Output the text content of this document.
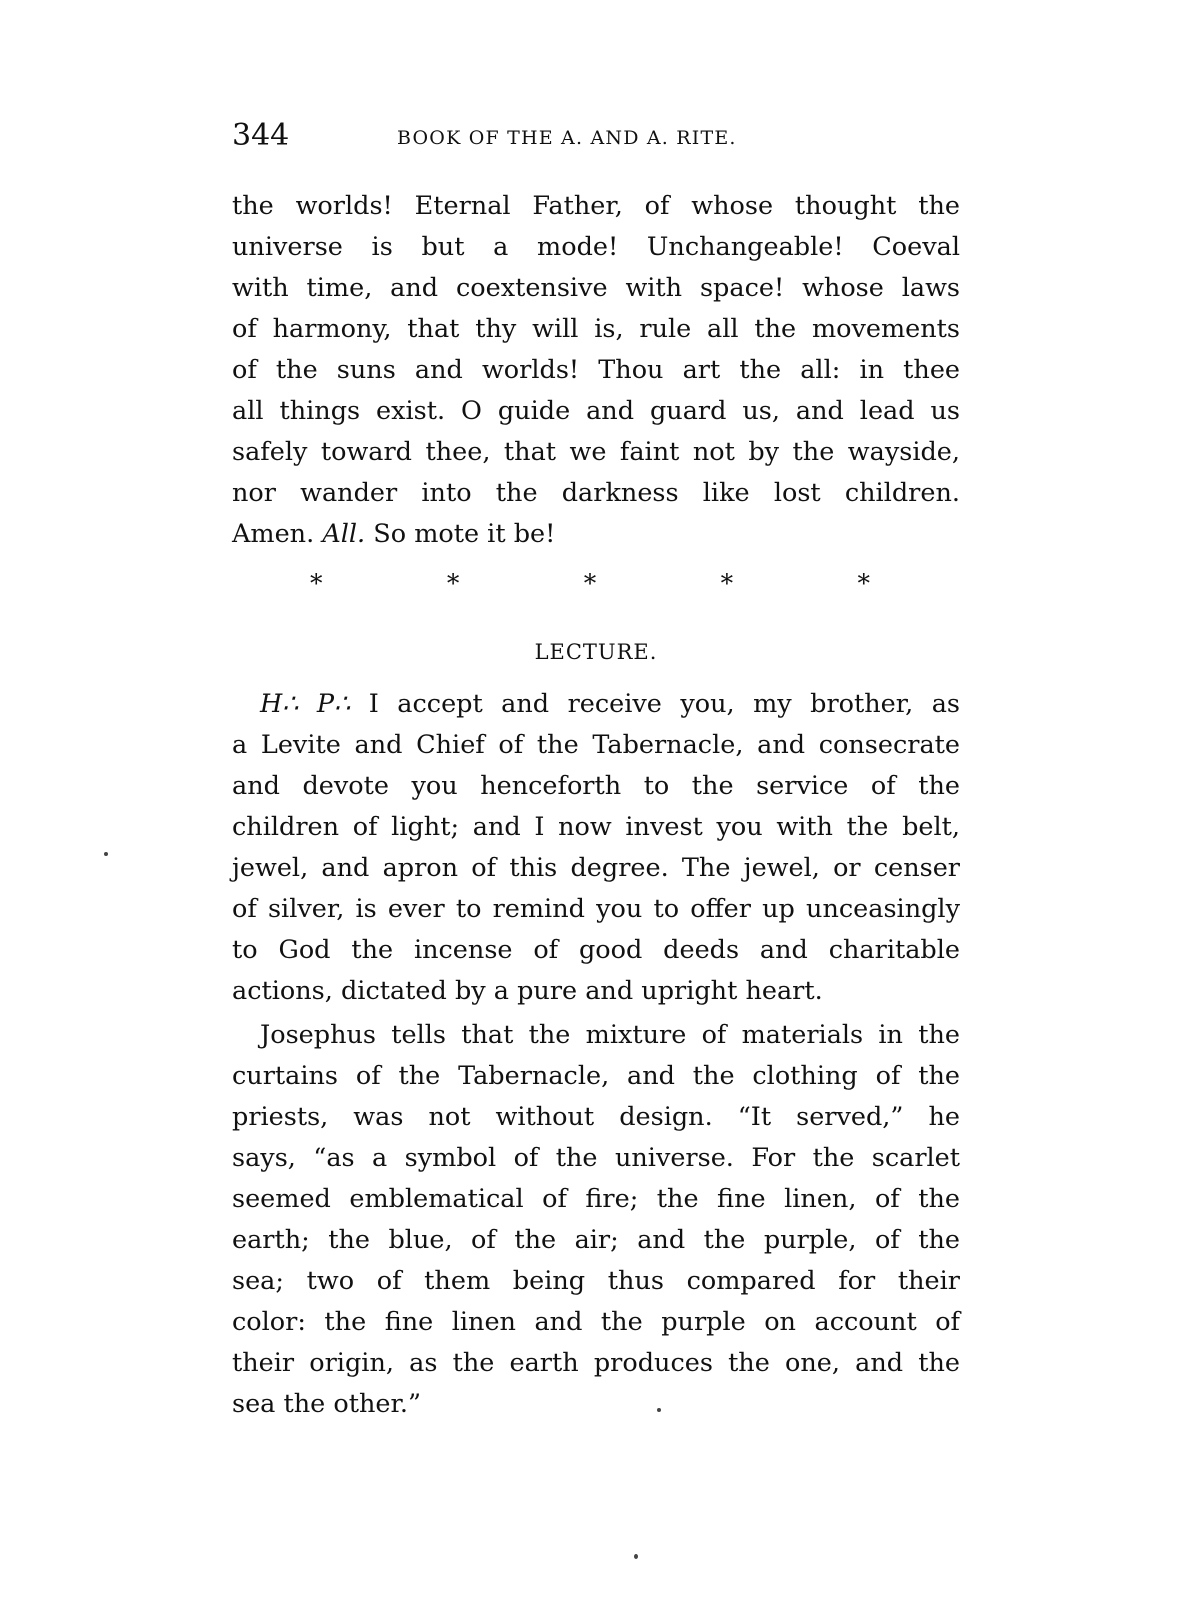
344	BOOK OF THE A. AND A. RITE.
the worlds! Eternal Father, of whose thought the
universe is but a mode! Unchangeable! Coeval
with time, and coextensive with space! whose laws
of harmony, that thy will is, rule all the movements
of the suns and worlds! Thou art the all: in thee
all things exist. O guide and guard us, and lead us
safely toward thee, that we faint not by the wayside,
nor wander into the darkness like lost children.
Amen. All. So mote it be!
*	*	*	*	*
LECTURE.
H∴ P∴ I accept and receive you, my brother, as
a Levite and Chief of the Tabernacle, and consecrate
and devote you henceforth to the service of the
children of light; and I now invest you with the belt,
jewel, and apron of this degree. The jewel, or censer
of silver, is ever to remind you to offer up unceasingly
to God the incense of good deeds and charitable
actions, dictated by a pure and upright heart.
Josephus tells that the mixture of materials in the
curtains of the Tabernacle, and the clothing of the
priests, was not without design. “It served,” he
says, “as a symbol of the universe. For the scarlet
seemed emblematical of fire; the fine linen, of the
earth; the blue, of the air; and the purple, of the
sea; two of them being thus compared for their
color: the fine linen and the purple on account of
their origin, as the earth produces the one, and the
sea the other.”
